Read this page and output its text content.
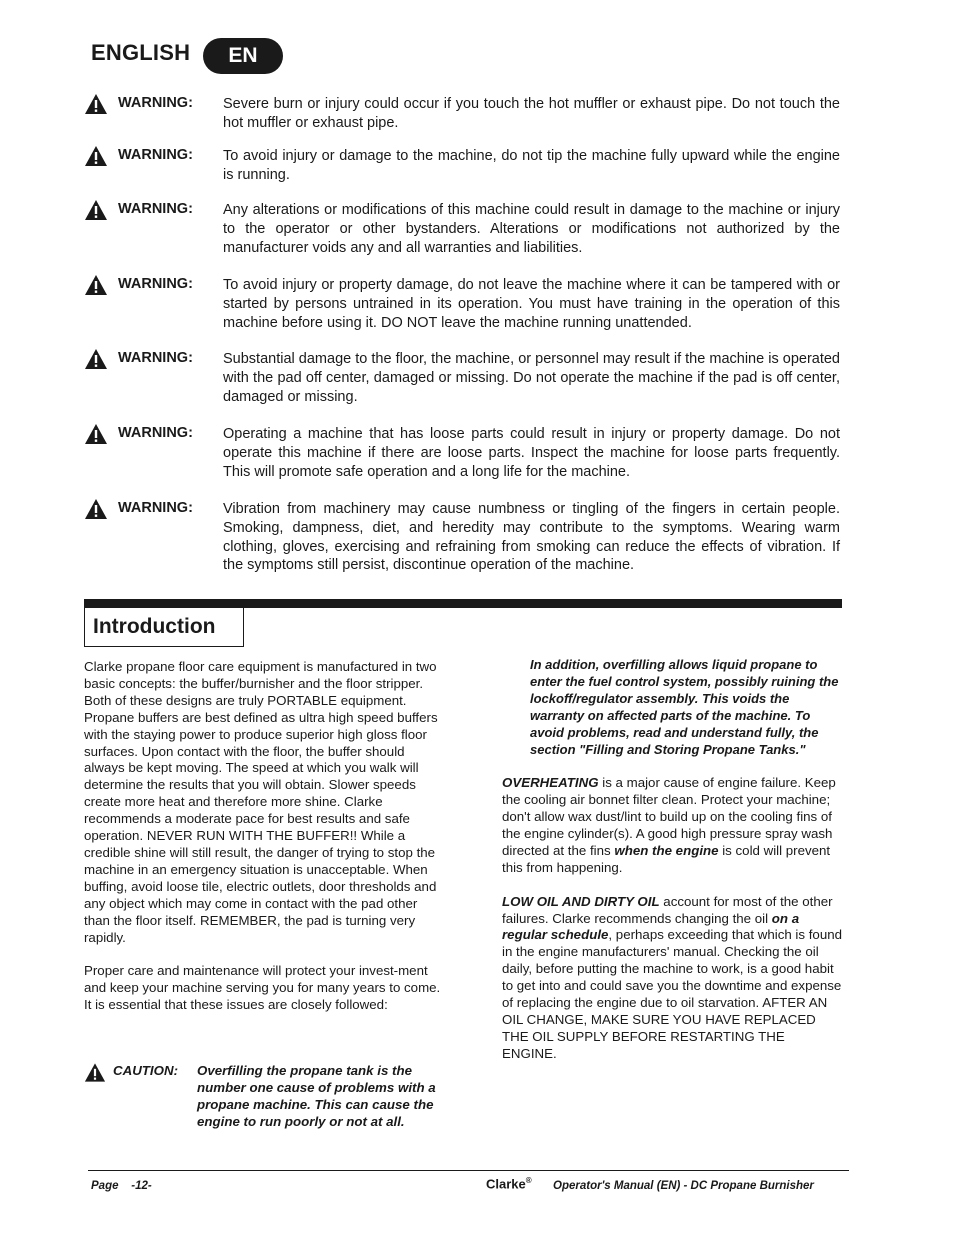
ENGLISH	EN
WARNING: Severe burn or injury could occur if you touch the hot muffler or exhaust pipe. Do not touch the hot muffler or exhaust pipe.
WARNING: To avoid injury or damage to the machine, do not tip the machine fully upward while the engine is running.
WARNING: Any alterations or modifications of this machine could result in damage to the machine or injury to the operator or other bystanders. Alterations or modifications not authorized by the manufacturer voids any and all warranties and liabilities.
WARNING: To avoid injury or property damage, do not leave the machine where it can be tampered with or started by persons untrained in its operation. You must have training in the operation of this machine before using it. DO NOT leave the machine running unattended.
WARNING: Substantial damage to the floor, the machine, or personnel may result if the machine is operated with the pad off center, damaged or missing. Do not operate the machine if the pad is off center, damaged or missing.
WARNING: Operating a machine that has loose parts could result in injury or property damage. Do not operate this machine if there are loose parts. Inspect the machine for loose parts frequently. This will promote safe operation and a long life for the machine.
WARNING: Vibration from machinery may cause numbness or tingling of the fingers in certain people. Smoking, dampness, diet, and heredity may contribute to the symptoms. Wearing warm clothing, gloves, exercising and refraining from smoking can reduce the effects of vibration. If the symptoms still persist, discontinue operation of the machine.
Introduction

Clarke propane floor care equipment is manufactured in two basic concepts: the buffer/burnisher and the floor stripper. Both of these designs are truly PORTABLE equipment. Propane buffers are best defined as ultra high speed buffers with the staying power to produce superior high gloss floor surfaces. Upon contact with the floor, the buffer should always be kept moving. The speed at which you walk will determine the results that you will obtain. Slower speeds create more heat and therefore more shine. Clarke recommends a moderate pace for best results and safe operation. NEVER RUN WITH THE BUFFER!! While a credible shine will still result, the danger of trying to stop the machine in an emergency situation is unacceptable. When buffing, avoid loose tile, electric outlets, door thresholds and any object which may come in contact with the pad other than the floor itself. REMEMBER, the pad is turning very rapidly.

Proper care and maintenance will protect your invest-ment and keep your machine serving you for many years to come. It is essential that these issues are closely followed:

CAUTION: Overfilling the propane tank is the number one cause of problems with a propane machine. This can cause the engine to run poorly or not at all.

In addition, overfilling allows liquid propane to enter the fuel control system, possibly ruining the lockoff/regulator assembly. This voids the warranty on affected parts of the machine. To avoid problems, read and understand fully, the section "Filling and Storing Propane Tanks."

OVERHEATING is a major cause of engine failure. Keep the cooling air bonnet filter clean. Protect your machine; don't allow wax dust/lint to build up on the cooling fins of the engine cylinder(s). A good high pressure spray wash directed at the fins when the engine is cold will prevent this from happening.

LOW OIL AND DIRTY OIL account for most of the other failures. Clarke recommends changing the oil on a regular schedule, perhaps exceeding that which is found in the engine manufacturers' manual. Checking the oil daily, before putting the machine to work, is a good habit to get into and could save you the downtime and expense of replacing the engine due to oil starvation. AFTER AN OIL CHANGE, MAKE SURE YOU HAVE REPLACED THE OIL SUPPLY BEFORE RESTARTING THE ENGINE.

Page    -12-	Clarke® Operator's Manual (EN) - DC Propane Burnisher
